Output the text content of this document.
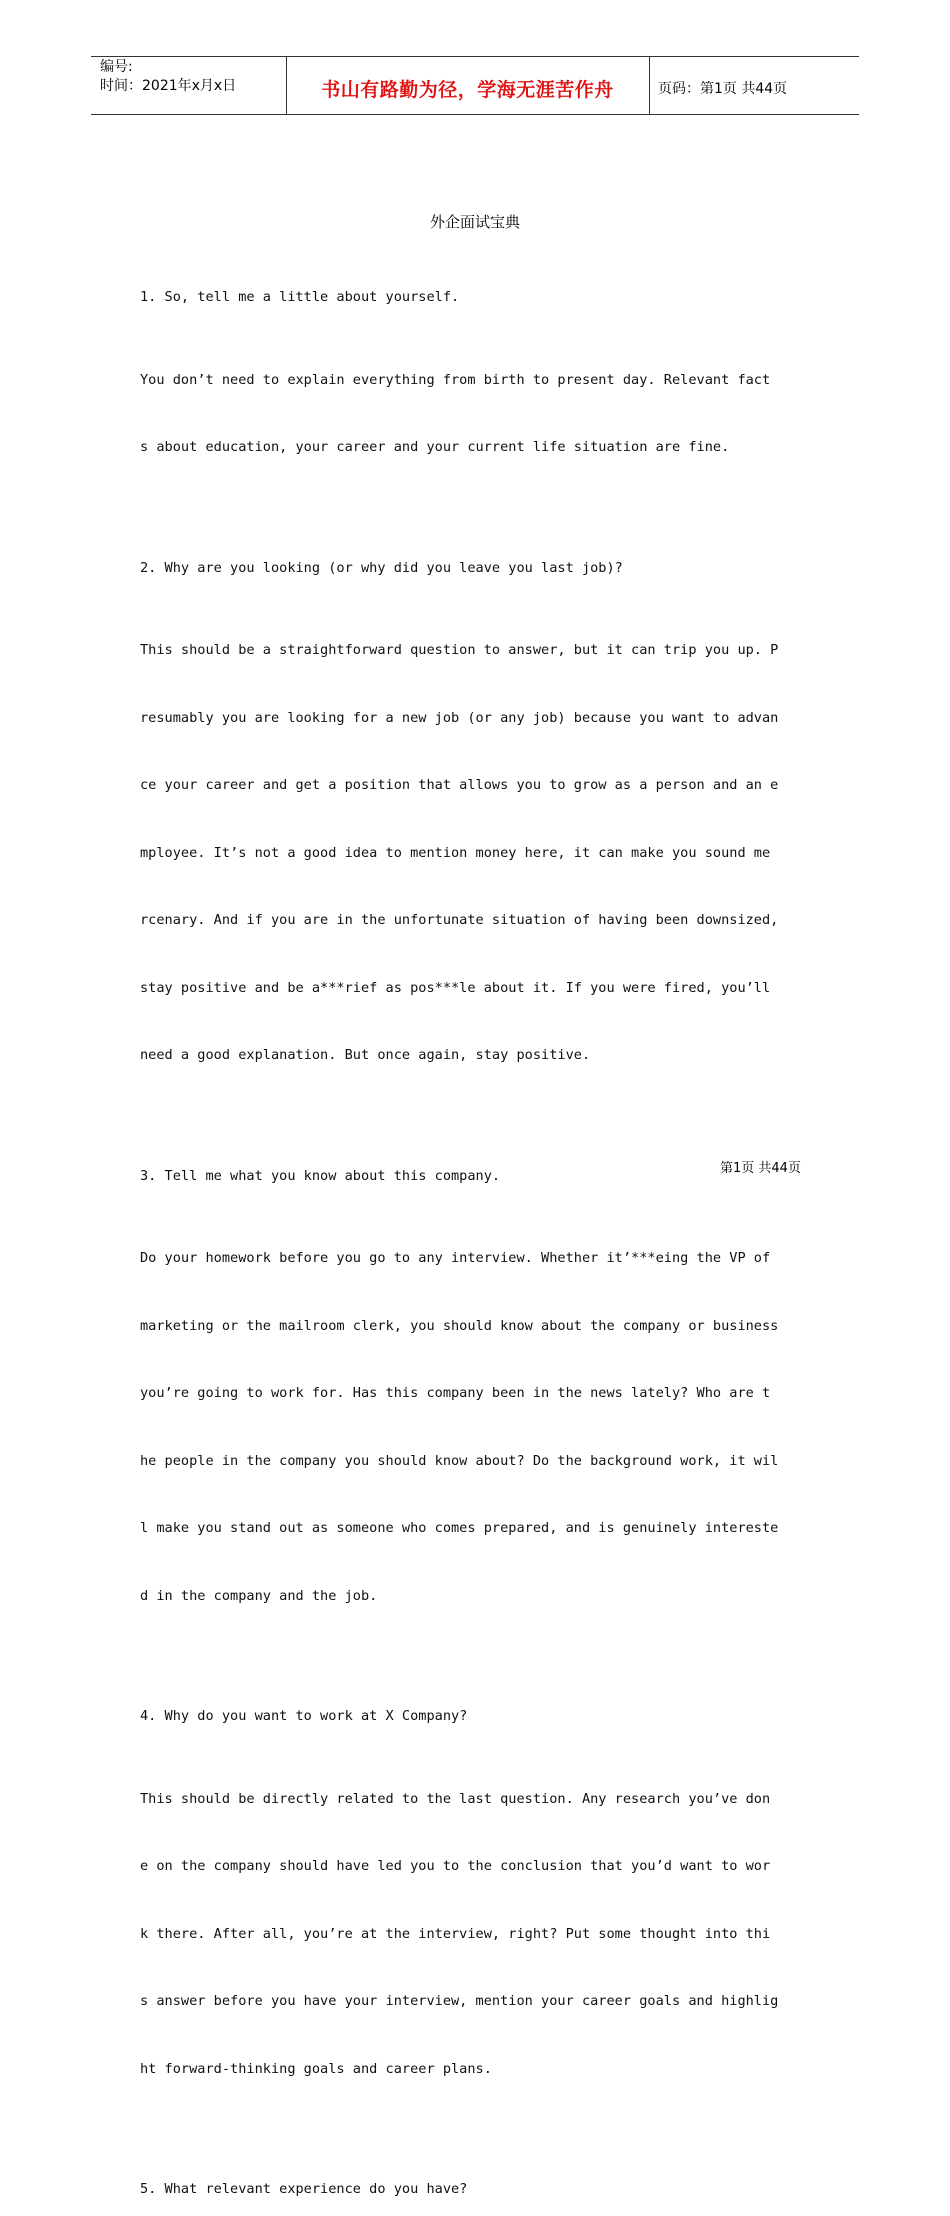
编号:
时间：2021年x月x日	书山有路勤为径，学海无涯苦作舟	页码：第1页 共44页
外企面试宝典
1. So, tell me a little about yourself.

You don’t need to explain everything from birth to present day. Relevant fact

s about education, your career and your current life situation are fine.

2. Why are you looking (or why did you leave you last job)?

This should be a straightforward question to answer, but it can trip you up. P

resumably you are looking for a new job (or any job) because you want to advan

ce your career and get a position that allows you to grow as a person and an e

mployee. It’s not a good idea to mention money here, it can make you sound me

rcenary. And if you are in the unfortunate situation of having been downsized,

stay positive and be a***rief as pos***le about it. If you were fired, you’ll

need a good explanation. But once again, stay positive.

3. Tell me what you know about this company.

Do your homework before you go to any interview. Whether it’***eing the VP of

marketing or the mailroom clerk, you should know about the company or business

you’re going to work for. Has this company been in the news lately? Who are t

he people in the company you should know about? Do the background work, it wil

l make you stand out as someone who comes prepared, and is genuinely intereste

d in the company and the job.

4. Why do you want to work at X Company?

This should be directly related to the last question. Any research you’ve don

e on the company should have led you to the conclusion that you’d want to wor

k there. After all, you’re at the interview, right? Put some thought into thi

s answer before you have your interview, mention your career goals and highlig

ht forward-thinking goals and career plans.

5. What relevant experience do you have?
第1页 共44页
